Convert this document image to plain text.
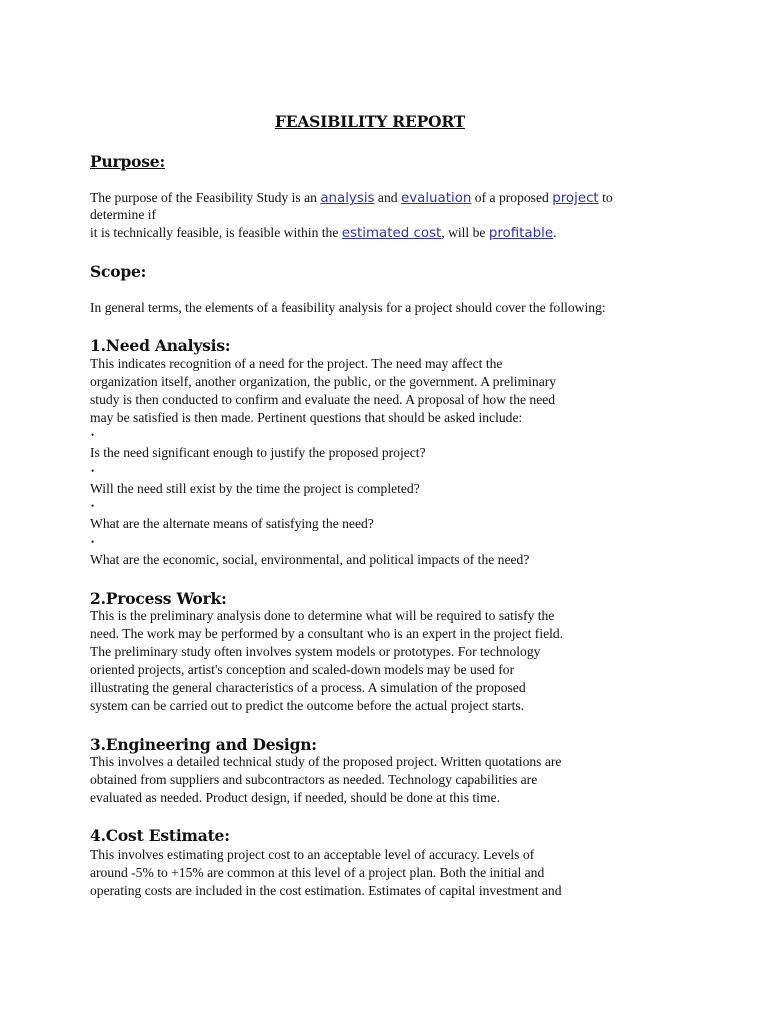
FEASIBILITY REPORT
Purpose:
The purpose of the Feasibility Study is an analysis and evaluation of a proposed project to
determine if
it is technically feasible, is feasible within the estimated cost, will be profitable.
Scope:
In general terms, the elements of a feasibility analysis for a project should cover the following:
1.Need Analysis:
This indicates recognition of a need for the project. The need may affect the
organization itself, another organization, the public, or the government. A preliminary
study is then conducted to confirm and evaluate the need. A proposal of how the need
may be satisfied is then made. Pertinent questions that should be asked include:
•
Is the need significant enough to justify the proposed project?
•
Will the need still exist by the time the project is completed?
•
What are the alternate means of satisfying the need?
•
What are the economic, social, environmental, and political impacts of the need?
2.Process Work:
This is the preliminary analysis done to determine what will be required to satisfy the
need. The work may be performed by a consultant who is an expert in the project field.
The preliminary study often involves system models or prototypes. For technology
oriented projects, artist's conception and scaled-down models may be used for
illustrating the general characteristics of a process. A simulation of the proposed
system can be carried out to predict the outcome before the actual project starts.
3.Engineering and Design:
This involves a detailed technical study of the proposed project. Written quotations are
obtained from suppliers and subcontractors as needed. Technology capabilities are
evaluated as needed. Product design, if needed, should be done at this time.
4.Cost Estimate:
This involves estimating project cost to an acceptable level of accuracy. Levels of
around -5% to +15% are common at this level of a project plan. Both the initial and
operating costs are included in the cost estimation. Estimates of capital investment and
